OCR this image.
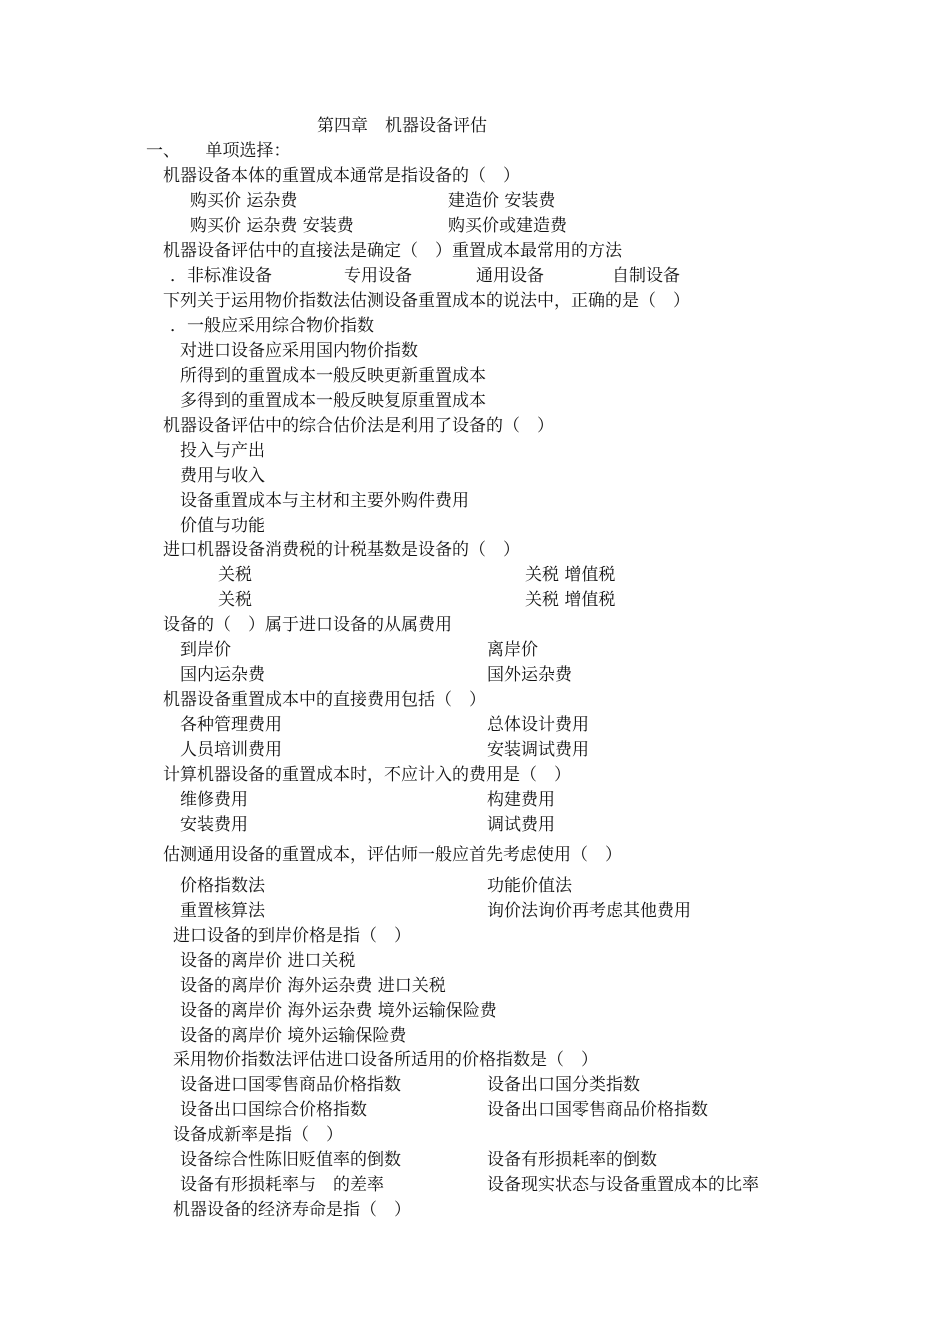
第四章　机器设备评估
一、　　单项选择：
机器设备本体的重置成本通常是指设备的（　）
购买价 运杂费	建造价 安装费
购买价 运杂费 安装费	购买价或建造费
机器设备评估中的直接法是确定（　）重置成本最常用的方法
．非标准设备	专用设备	通用设备	自制设备
下列关于运用物价指数法估测设备重置成本的说法中，正确的是（　）
．一般应采用综合物价指数
对进口设备应采用国内物价指数
所得到的重置成本一般反映更新重置成本
多得到的重置成本一般反映复原重置成本
机器设备评估中的综合估价法是利用了设备的（　）
投入与产出
费用与收入
设备重置成本与主材和主要外购件费用
价值与功能
进口机器设备消费税的计税基数是设备的（　）
关税	关税 增值税
关税	关税 增值税
设备的（　）属于进口设备的从属费用
到岸价	离岸价
国内运杂费	国外运杂费
机器设备重置成本中的直接费用包括（　）
各种管理费用	总体设计费用
人员培训费用	安装调试费用
计算机器设备的重置成本时，不应计入的费用是（　）
维修费用	构建费用
安装费用	调试费用
估测通用设备的重置成本，评估师一般应首先考虑使用（　）
价格指数法	功能价值法
重置核算法	询价法询价再考虑其他费用
进口设备的到岸价格是指（　）
设备的离岸价 进口关税
设备的离岸价 海外运杂费 进口关税
设备的离岸价 海外运杂费 境外运输保险费
设备的离岸价 境外运输保险费
采用物价指数法评估进口设备所适用的价格指数是（　）
设备进口国零售商品价格指数	设备出口国分类指数
设备出口国综合价格指数	设备出口国零售商品价格指数
设备成新率是指（　）
设备综合性陈旧贬值率的倒数	设备有形损耗率的倒数
设备有形损耗率与　的差率	设备现实状态与设备重置成本的比率
机器设备的经济寿命是指（　）
